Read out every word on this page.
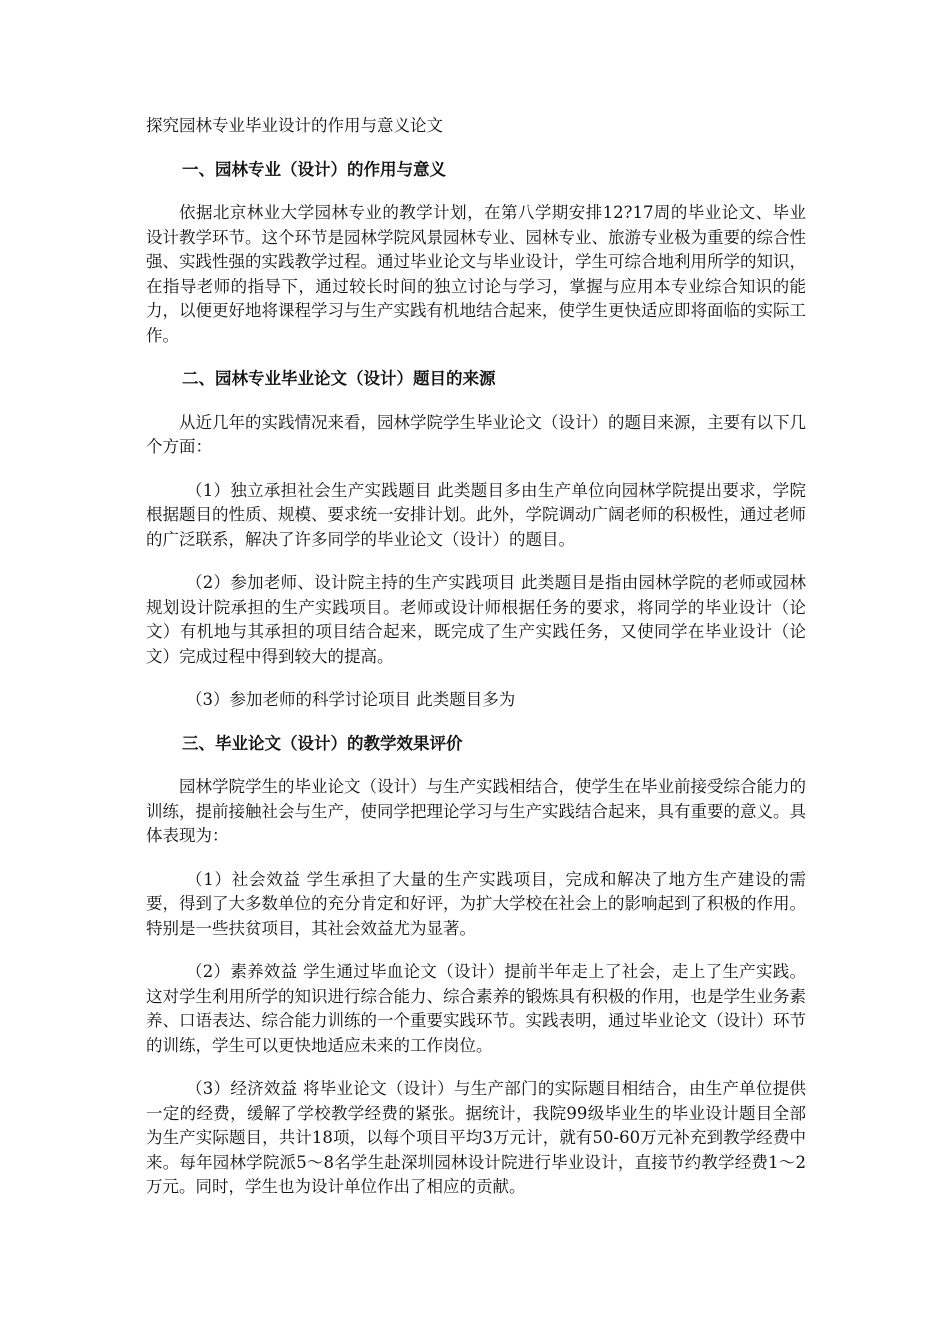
探究园林专业毕业设计的作用与意义论文

一、园林专业（设计）的作用与意义

依据北京林业大学园林专业的教学计划，在第八学期安排12?17周的毕业论文、毕业设计教学环节。这个环节是园林学院风景园林专业、园林专业、旅游专业极为重要的综合性强、实践性强的实践教学过程。通过毕业论文与毕业设计，学生可综合地利用所学的知识，在指导老师的指导下，通过较长时间的独立讨论与学习，掌握与应用本专业综合知识的能力，以便更好地将课程学习与生产实践有机地结合起来，使学生更快适应即将面临的实际工作。

二、园林专业毕业论文（设计）题目的来源

从近几年的实践情况来看，园林学院学生毕业论文（设计）的题目来源，主要有以下几个方面：

（1）独立承担社会生产实践题目 此类题目多由生产单位向园林学院提出要求，学院根据题目的性质、规模、要求统一安排计划。此外，学院调动广阔老师的积极性，通过老师的广泛联系，解决了许多同学的毕业论文（设计）的题目。

（2）参加老师、设计院主持的生产实践项目 此类题目是指由园林学院的老师或园林规划设计院承担的生产实践项目。老师或设计师根据任务的要求，将同学的毕业设计（论文）有机地与其承担的项目结合起来，既完成了生产实践任务，又使同学在毕业设计（论文）完成过程中得到较大的提高。

（3）参加老师的科学讨论项目 此类题目多为

三、毕业论文（设计）的教学效果评价

园林学院学生的毕业论文（设计）与生产实践相结合，使学生在毕业前接受综合能力的训练，提前接触社会与生产，使同学把理论学习与生产实践结合起来，具有重要的意义。具体表现为：

（1）社会效益 学生承担了大量的生产实践项目，完成和解决了地方生产建设的需要，得到了大多数单位的充分肯定和好评，为扩大学校在社会上的影响起到了积极的作用。特别是一些扶贫项目，其社会效益尤为显著。

（2）素养效益 学生通过毕血论文（设计）提前半年走上了社会，走上了生产实践。这对学生利用所学的知识进行综合能力、综合素养的锻炼具有积极的作用，也是学生业务素养、口语表达、综合能力训练的一个重要实践环节。实践表明，通过毕业论文（设计）环节的训练，学生可以更快地适应未来的工作岗位。

（3）经济效益 将毕业论文（设计）与生产部门的实际题目相结合，由生产单位提供一定的经费，缓解了学校教学经费的紧张。据统计，我院99级毕业生的毕业设计题目全部为生产实际题目，共计18项，以每个项目平均3万元计，就有50-60万元补充到教学经费中来。每年园林学院派5～8名学生赴深圳园林设计院进行毕业设计，直接节约教学经费1～2万元。同时，学生也为设计单位作出了相应的贡献。
